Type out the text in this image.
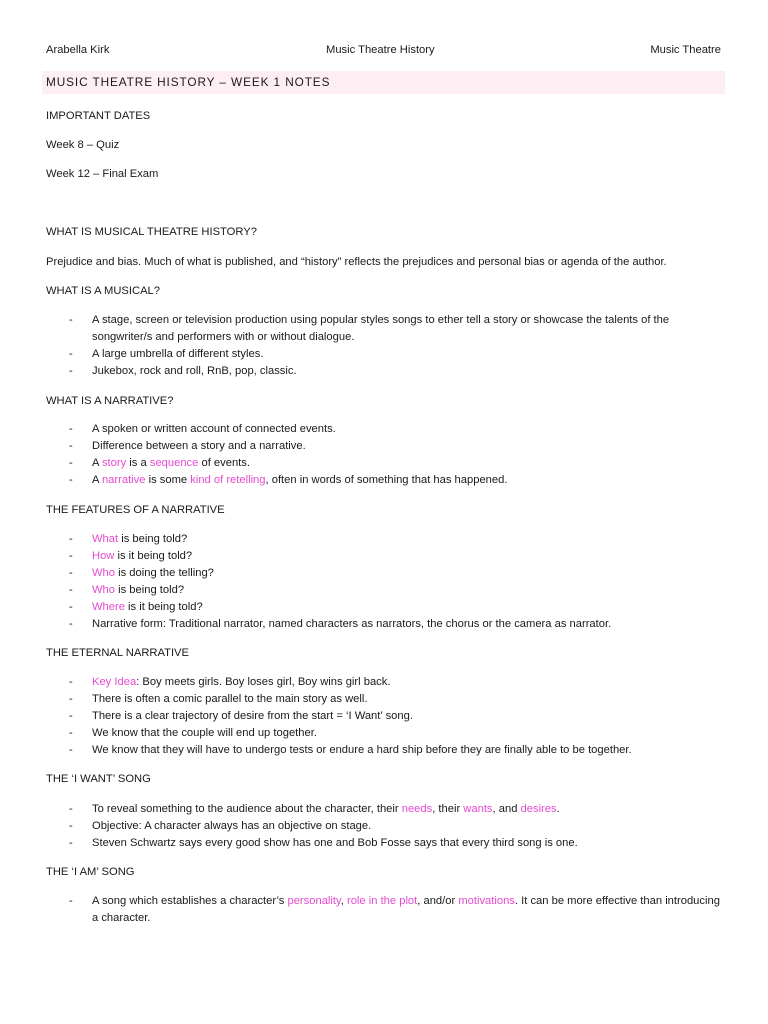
Arabella Kirk	Music Theatre History	Music Theatre
MUSIC THEATRE HISTORY – WEEK 1 NOTES

IMPORTANT DATES

Week 8 – Quiz

Week 12 – Final Exam

WHAT IS MUSICAL THEATRE HISTORY?

Prejudice and bias. Much of what is published, and “history” reflects the prejudices and personal bias or agenda of the author.

WHAT IS A MUSICAL?

- A stage, screen or television production using popular styles songs to ether tell a story or showcase the talents of the songwriter/s and performers with or without dialogue.
- A large umbrella of different styles.
- Jukebox, rock and roll, RnB, pop, classic.

WHAT IS A NARRATIVE?

- A spoken or written account of connected events.
- Difference between a story and a narrative.
- A story is a sequence of events.
- A narrative is some kind of retelling, often in words of something that has happened.

THE FEATURES OF A NARRATIVE

- What is being told?
- How is it being told?
- Who is doing the telling?
- Who is being told?
- Where is it being told?
- Narrative form: Traditional narrator, named characters as narrators, the chorus or the camera as narrator.

THE ETERNAL NARRATIVE

- Key Idea: Boy meets girls. Boy loses girl, Boy wins girl back.
- There is often a comic parallel to the main story as well.
- There is a clear trajectory of desire from the start = ‘I Want’ song.
- We know that the couple will end up together.
- We know that they will have to undergo tests or endure a hard ship before they are finally able to be together.

THE ‘I WANT’ SONG

- To reveal something to the audience about the character, their needs, their wants, and desires.
- Objective: A character always has an objective on stage.
- Steven Schwartz says every good show has one and Bob Fosse says that every third song is one.

THE ‘I AM’ SONG

- A song which establishes a character’s personality, role in the plot, and/or motivations. It can be more effective than introducing a character.
